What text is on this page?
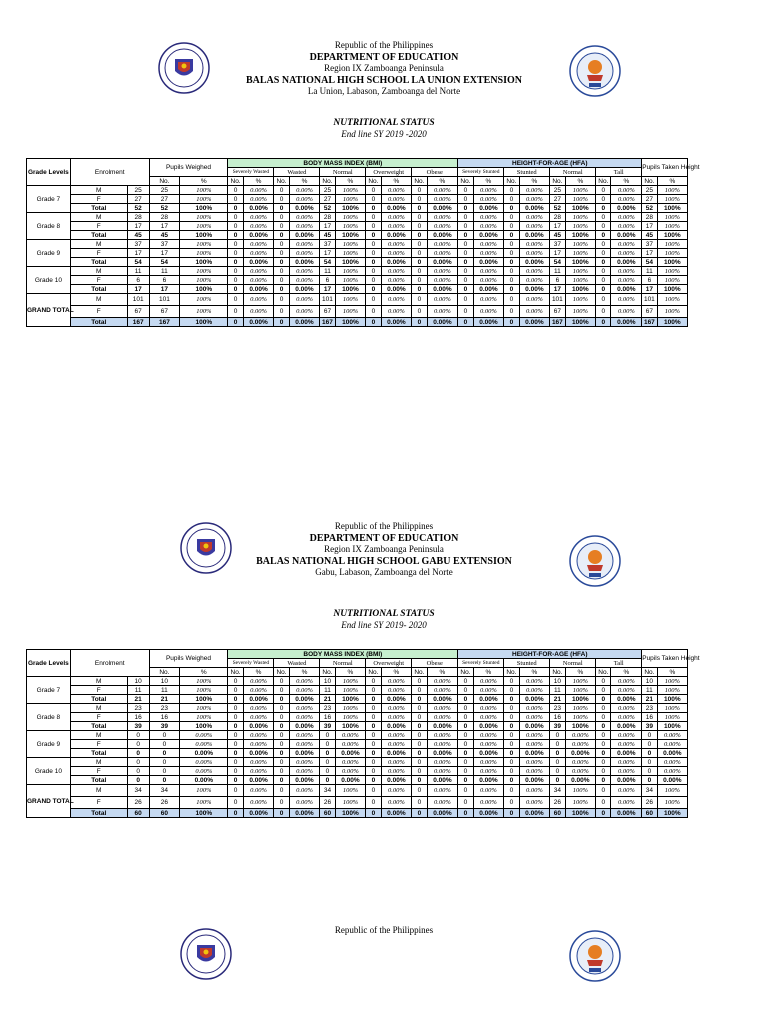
Republic of the Philippines
DEPARTMENT OF EDUCATION
Region IX Zamboanga Peninsula
BALAS NATIONAL HIGH SCHOOL LA UNION EXTENSION
La Union, Labason, Zamboanga del Norte
NUTRITIONAL STATUS
End line SY 2019 -2020
Grade Levels	Enrolment		Pupils Weighed		BODY MASS INDEX (BMI)										HEIGHT-FOR-AGE (HFA)								Pupils Taken Height	
					Severely Wasted		Wasted		Normal		Overweight		Obese		Severely Stunted		Stunted		Normal		Tall			
			No.	%	No.	%	No.	%	No.	%	No.	%	No.	%	No.	%	No.	%	No.	%	No.	%	No.	%
Grade 7	M	25	25	100%	0	0.00%	0	0.00%	25	100%	0	0.00%	0	0.00%	0	0.00%	0	0.00%	25	100%	0	0.00%	25	100%
	F	27	27	100%	0	0.00%	0	0.00%	27	100%	0	0.00%	0	0.00%	0	0.00%	0	0.00%	27	100%	0	0.00%	27	100%
	Total	52	52	100%	0	0.00%	0	0.00%	52	100%	0	0.00%	0	0.00%	0	0.00%	0	0.00%	52	100%	0	0.00%	52	100%
Grade 8	M	28	28	100%	0	0.00%	0	0.00%	28	100%	0	0.00%	0	0.00%	0	0.00%	0	0.00%	28	100%	0	0.00%	28	100%
	F	17	17	100%	0	0.00%	0	0.00%	17	100%	0	0.00%	0	0.00%	0	0.00%	0	0.00%	17	100%	0	0.00%	17	100%
	Total	45	45	100%	0	0.00%	0	0.00%	45	100%	0	0.00%	0	0.00%	0	0.00%	0	0.00%	45	100%	0	0.00%	45	100%
Grade 9	M	37	37	100%	0	0.00%	0	0.00%	37	100%	0	0.00%	0	0.00%	0	0.00%	0	0.00%	37	100%	0	0.00%	37	100%
	F	17	17	100%	0	0.00%	0	0.00%	17	100%	0	0.00%	0	0.00%	0	0.00%	0	0.00%	17	100%	0	0.00%	17	100%
	Total	54	54	100%	0	0.00%	0	0.00%	54	100%	0	0.00%	0	0.00%	0	0.00%	0	0.00%	54	100%	0	0.00%	54	100%
Grade 10	M	11	11	100%	0	0.00%	0	0.00%	11	100%	0	0.00%	0	0.00%	0	0.00%	0	0.00%	11	100%	0	0.00%	11	100%
	F	6	6	100%	0	0.00%	0	0.00%	6	100%	0	0.00%	0	0.00%	0	0.00%	0	0.00%	6	100%	0	0.00%	6	100%
	Total	17	17	100%	0	0.00%	0	0.00%	17	100%	0	0.00%	0	0.00%	0	0.00%	0	0.00%	17	100%	0	0.00%	17	100%
GRAND TOTAL	M	101	101	100%	0	0.00%	0	0.00%	101	100%	0	0.00%	0	0.00%	0	0.00%	0	0.00%	101	100%	0	0.00%	101	100%
	F	67	67	100%	0	0.00%	0	0.00%	67	100%	0	0.00%	0	0.00%	0	0.00%	0	0.00%	67	100%	0	0.00%	67	100%
	Total	167	167	100%	0	0.00%	0	0.00%	167	100%	0	0.00%	0	0.00%	0	0.00%	0	0.00%	167	100%	0	0.00%	167	100%
Republic of the Philippines
DEPARTMENT OF EDUCATION
Region IX Zamboanga Peninsula
BALAS NATIONAL HIGH SCHOOL GABU EXTENSION
Gabu, Labason, Zamboanga del Norte
NUTRITIONAL STATUS
End line SY 2019- 2020
Grade Levels	Enrolment		Pupils Weighed		BODY MASS INDEX (BMI)										HEIGHT-FOR-AGE (HFA)								Pupils Taken Height	
					Severely Wasted		Wasted		Normal		Overweight		Obese		Severely Stunted		Stunted		Normal		Tall			
			No.	%	No.	%	No.	%	No.	%	No.	%	No.	%	No.	%	No.	%	No.	%	No.	%	No.	%
Grade 7	M	10	10	100%	0	0.00%	0	0.00%	10	100%	0	0.00%	0	0.00%	0	0.00%	0	0.00%	10	100%	0	0.00%	10	100%
	F	11	11	100%	0	0.00%	0	0.00%	11	100%	0	0.00%	0	0.00%	0	0.00%	0	0.00%	11	100%	0	0.00%	11	100%
	Total	21	21	100%	0	0.00%	0	0.00%	21	100%	0	0.00%	0	0.00%	0	0.00%	0	0.00%	21	100%	0	0.00%	21	100%
Grade 8	M	23	23	100%	0	0.00%	0	0.00%	23	100%	0	0.00%	0	0.00%	0	0.00%	0	0.00%	23	100%	0	0.00%	23	100%
	F	16	16	100%	0	0.00%	0	0.00%	16	100%	0	0.00%	0	0.00%	0	0.00%	0	0.00%	16	100%	0	0.00%	16	100%
	Total	39	39	100%	0	0.00%	0	0.00%	39	100%	0	0.00%	0	0.00%	0	0.00%	0	0.00%	39	100%	0	0.00%	39	100%
Grade 9	M	0	0	0.00%	0	0.00%	0	0.00%	0	0.00%	0	0.00%	0	0.00%	0	0.00%	0	0.00%	0	0.00%	0	0.00%	0	0.00%
	F	0	0	0.00%	0	0.00%	0	0.00%	0	0.00%	0	0.00%	0	0.00%	0	0.00%	0	0.00%	0	0.00%	0	0.00%	0	0.00%
	Total	0	0	0.00%	0	0.00%	0	0.00%	0	0.00%	0	0.00%	0	0.00%	0	0.00%	0	0.00%	0	0.00%	0	0.00%	0	0.00%
Grade 10	M	0	0	0.00%	0	0.00%	0	0.00%	0	0.00%	0	0.00%	0	0.00%	0	0.00%	0	0.00%	0	0.00%	0	0.00%	0	0.00%
	F	0	0	0.00%	0	0.00%	0	0.00%	0	0.00%	0	0.00%	0	0.00%	0	0.00%	0	0.00%	0	0.00%	0	0.00%	0	0.00%
	Total	0	0	0.00%	0	0.00%	0	0.00%	0	0.00%	0	0.00%	0	0.00%	0	0.00%	0	0.00%	0	0.00%	0	0.00%	0	0.00%
GRAND TOTAL	M	34	34	100%	0	0.00%	0	0.00%	34	100%	0	0.00%	0	0.00%	0	0.00%	0	0.00%	34	100%	0	0.00%	34	100%
	F	26	26	100%	0	0.00%	0	0.00%	26	100%	0	0.00%	0	0.00%	0	0.00%	0	0.00%	26	100%	0	0.00%	26	100%
	Total	60	60	100%	0	0.00%	0	0.00%	60	100%	0	0.00%	0	0.00%	0	0.00%	0	0.00%	60	100%	0	0.00%	60	100%
Republic of the Philippines
